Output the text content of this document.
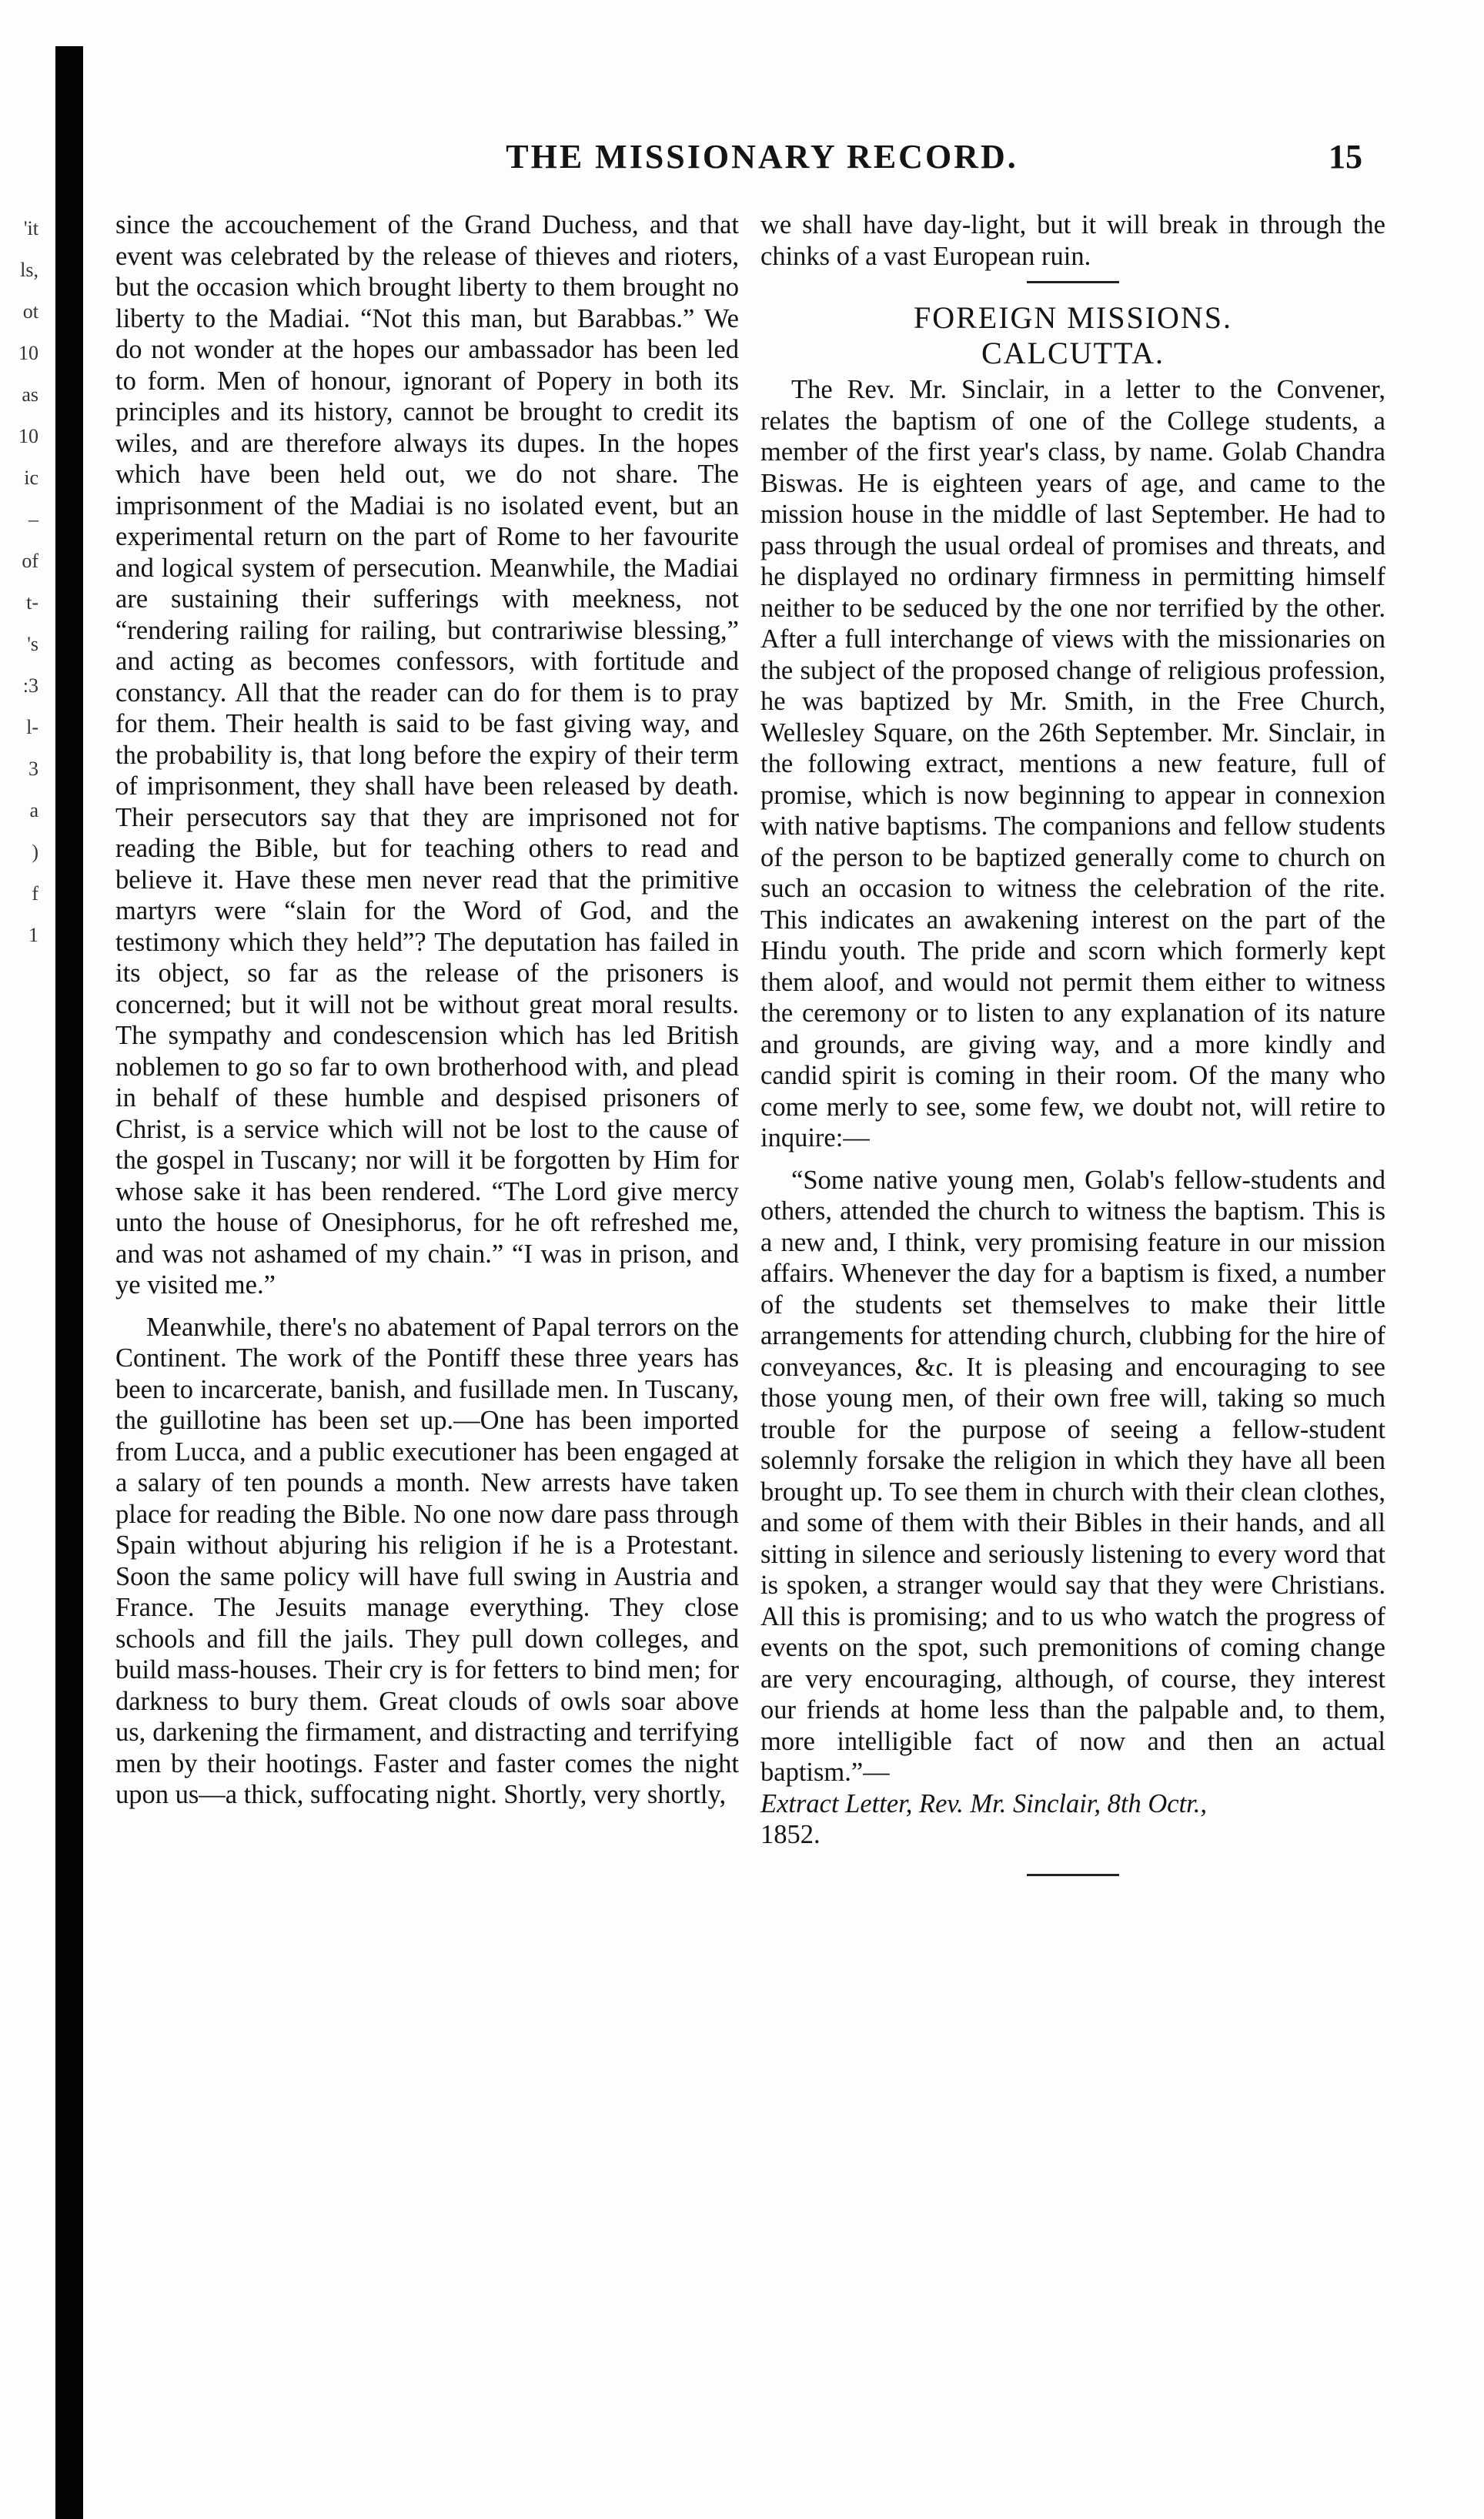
'it
ls,
ot
10
as
10
ic
–
of
t-
's
:3
l-
3
a
)
f
1
THE MISSIONARY RECORD.	15

since the accouchement of the Grand Duchess, and that event was celebrated by the release of thieves and rioters, but the occasion which brought liberty to them brought no liberty to the Madiai. “Not this man, but Barabbas.” We do not wonder at the hopes our ambassador has been led to form. Men of honour, ignorant of Popery in both its principles and its history, cannot be brought to credit its wiles, and are therefore always its dupes. In the hopes which have been held out, we do not share. The imprisonment of the Madiai is no isolated event, but an experimental return on the part of Rome to her favourite and logical system of persecution. Meanwhile, the Madiai are sustaining their sufferings with meekness, not “rendering railing for railing, but contrariwise blessing,” and acting as becomes confessors, with fortitude and constancy. All that the reader can do for them is to pray for them. Their health is said to be fast giving way, and the probability is, that long before the expiry of their term of imprisonment, they shall have been released by death. Their persecutors say that they are imprisoned not for reading the Bible, but for teaching others to read and believe it. Have these men never read that the primitive martyrs were “slain for the Word of God, and the testimony which they held”? The deputation has failed in its object, so far as the release of the prisoners is concerned; but it will not be without great moral results. The sympathy and condescension which has led British noblemen to go so far to own brotherhood with, and plead in behalf of these humble and despised prisoners of Christ, is a service which will not be lost to the cause of the gospel in Tuscany; nor will it be forgotten by Him for whose sake it has been rendered. “The Lord give mercy unto the house of Onesiphorus, for he oft refreshed me, and was not ashamed of my chain.” “I was in prison, and ye visited me.”

Meanwhile, there's no abatement of Papal terrors on the Continent. The work of the Pontiff these three years has been to incarcerate, banish, and fusillade men. In Tuscany, the guillotine has been set up.—One has been imported from Lucca, and a public executioner has been engaged at a salary of ten pounds a month. New arrests have taken place for reading the Bible. No one now dare pass through Spain without abjuring his religion if he is a Protestant. Soon the same policy will have full swing in Austria and France. The Jesuits manage everything. They close schools and fill the jails. They pull down colleges, and build mass-houses. Their cry is for fetters to bind men; for darkness to bury them. Great clouds of owls soar above us, darkening the firmament, and distracting and terrifying men by their hootings. Faster and faster comes the night upon us—a thick, suffocating night. Shortly, very shortly,

we shall have day-light, but it will break in through the chinks of a vast European ruin.

FOREIGN MISSIONS.
CALCUTTA.

The Rev. Mr. Sinclair, in a letter to the Convener, relates the baptism of one of the College students, a member of the first year's class, by name. Golab Chandra Biswas. He is eighteen years of age, and came to the mission house in the middle of last September. He had to pass through the usual ordeal of promises and threats, and he displayed no ordinary firmness in permitting himself neither to be seduced by the one nor terrified by the other. After a full interchange of views with the missionaries on the subject of the proposed change of religious profession, he was baptized by Mr. Smith, in the Free Church, Wellesley Square, on the 26th September. Mr. Sinclair, in the following extract, mentions a new feature, full of promise, which is now beginning to appear in connexion with native baptisms. The companions and fellow students of the person to be baptized generally come to church on such an occasion to witness the celebration of the rite. This indicates an awakening interest on the part of the Hindu youth. The pride and scorn which formerly kept them aloof, and would not permit them either to witness the ceremony or to listen to any explanation of its nature and grounds, are giving way, and a more kindly and candid spirit is coming in their room. Of the many who come merly to see, some few, we doubt not, will retire to inquire:—

“Some native young men, Golab's fellow-students and others, attended the church to witness the baptism. This is a new and, I think, very promising feature in our mission affairs. Whenever the day for a baptism is fixed, a number of the students set themselves to make their little arrangements for attending church, clubbing for the hire of conveyances, &c. It is pleasing and encouraging to see those young men, of their own free will, taking so much trouble for the purpose of seeing a fellow-student solemnly forsake the religion in which they have all been brought up. To see them in church with their clean clothes, and some of them with their Bibles in their hands, and all sitting in silence and seriously listening to every word that is spoken, a stranger would say that they were Christians. All this is promising; and to us who watch the progress of events on the spot, such premonitions of coming change are very encouraging, although, of course, they interest our friends at home less than the palpable and, to them, more intelligible fact of now and then an actual baptism.”—

Extract Letter, Rev. Mr. Sinclair, 8th Octr.,

1852.
